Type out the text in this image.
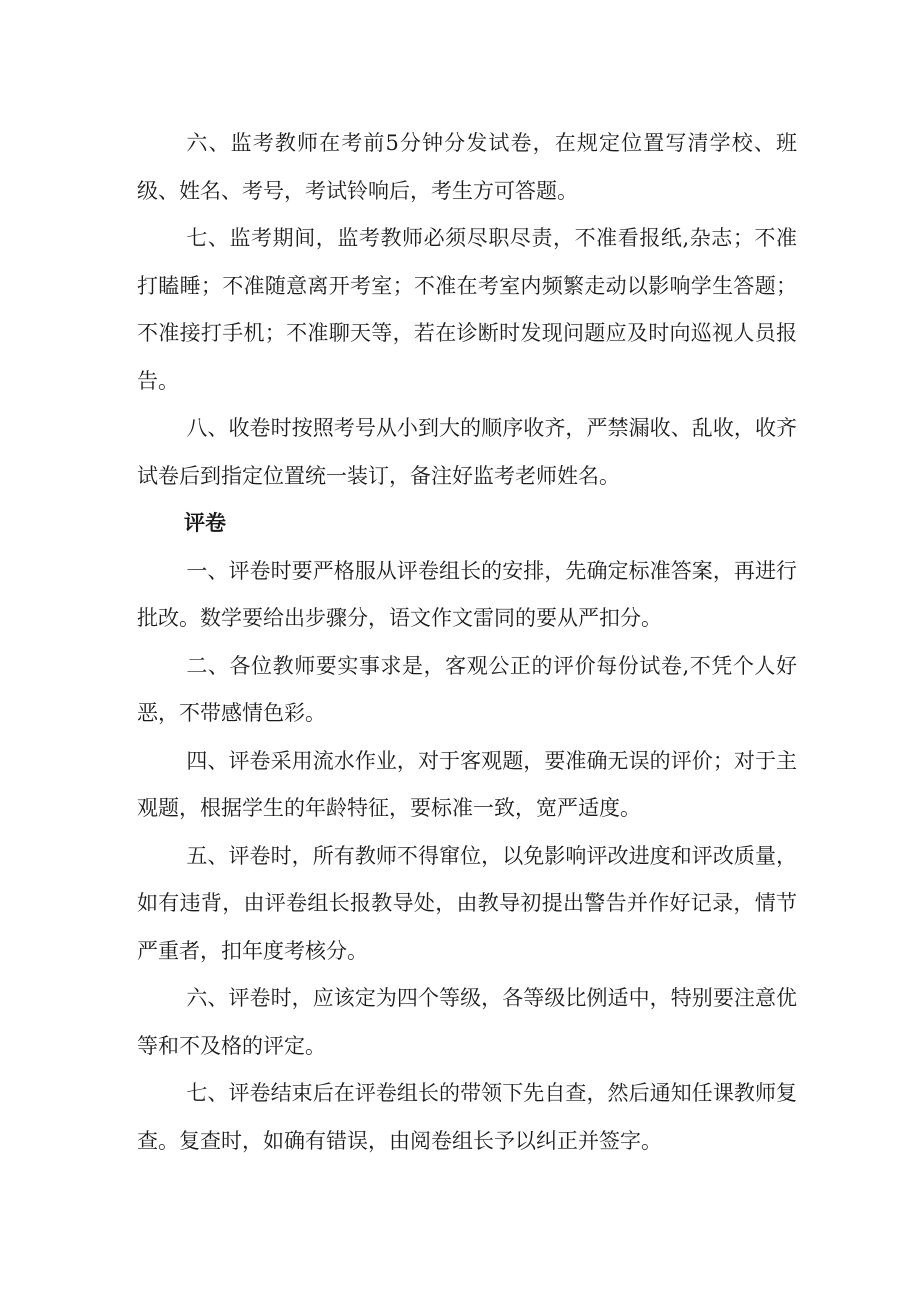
六、监考教师在考前5分钟分发试卷，在规定位置写清学校、班级、姓名、考号，考试铃响后，考生方可答题。

七、监考期间，监考教师必须尽职尽责，不准看报纸,杂志；不准打瞌睡；不准随意离开考室；不准在考室内频繁走动以影响学生答题；不准接打手机；不准聊天等，若在诊断时发现问题应及时向巡视人员报告。

八、收卷时按照考号从小到大的顺序收齐，严禁漏收、乱收，收齐试卷后到指定位置统一装订，备注好监考老师姓名。

评卷

一、评卷时要严格服从评卷组长的安排，先确定标准答案，再进行批改。数学要给出步骤分，语文作文雷同的要从严扣分。

二、各位教师要实事求是，客观公正的评价每份试卷,不凭个人好恶，不带感情色彩。

四、评卷采用流水作业，对于客观题，要准确无误的评价；对于主观题，根据学生的年龄特征，要标准一致，宽严适度。

五、评卷时，所有教师不得窜位，以免影响评改进度和评改质量，如有违背，由评卷组长报教导处，由教导初提出警告并作好记录，情节严重者，扣年度考核分。

六、评卷时，应该定为四个等级，各等级比例适中，特别要注意优等和不及格的评定。

七、评卷结束后在评卷组长的带领下先自查，然后通知任课教师复查。复查时，如确有错误，由阅卷组长予以纠正并签字。
